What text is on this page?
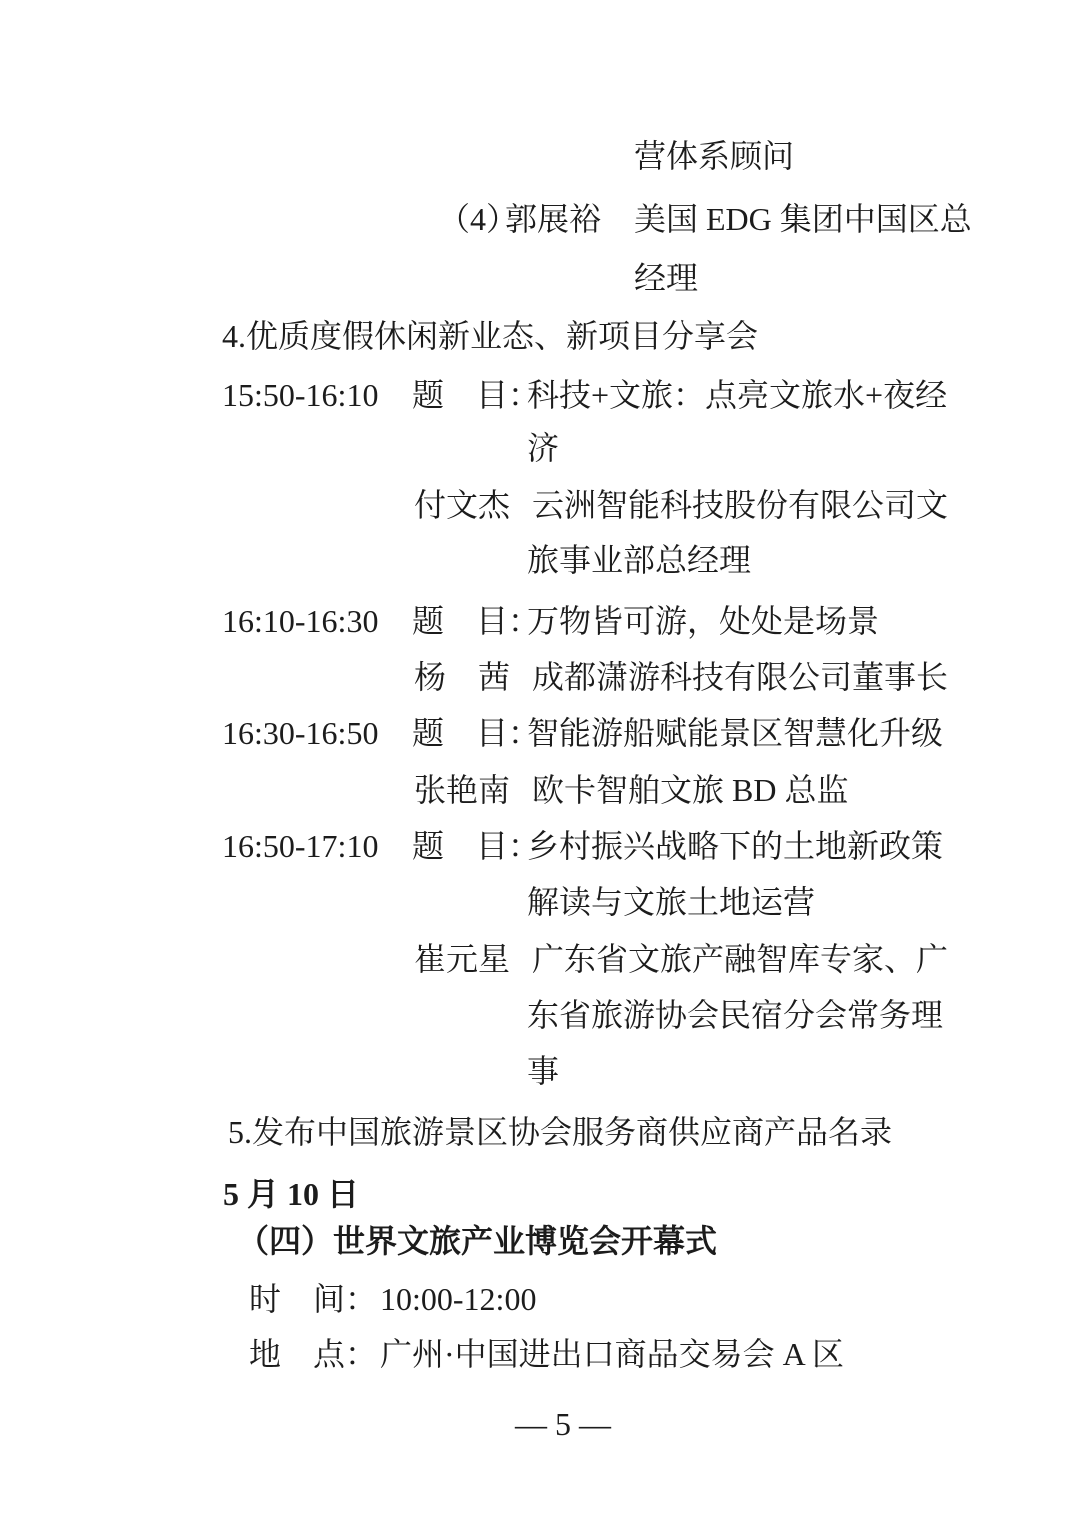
营体系顾问
（4）
郭展裕 美国 EDG 集团中国区总
经理
4.优质度假休闲新业态、新项目分享会
15:50-16:10 题　目：
科技+文旅：点亮文旅水+夜经
济
付文杰 云洲智能科技股份有限公司文
旅事业部总经理
16:10-16:30 题　目：
万物皆可游，处处是场景
杨　茜 成都潇游科技有限公司董事长
16:30-16:50 题　目：
智能游船赋能景区智慧化升级
张艳南 欧卡智舶文旅 BD 总监
16:50-17:10 题　目：
乡村振兴战略下的土地新政策
解读与文旅土地运营
崔元星 广东省文旅产融智库专家、广
东省旅游协会民宿分会常务理
事
5.发布中国旅游景区协会服务商供应商产品名录
5 月 10 日
（四）世界文旅产业博览会开幕式
时　间： 10:00-12:00
地　点： 广州·中国进出口商品交易会 A 区
— 5 —
